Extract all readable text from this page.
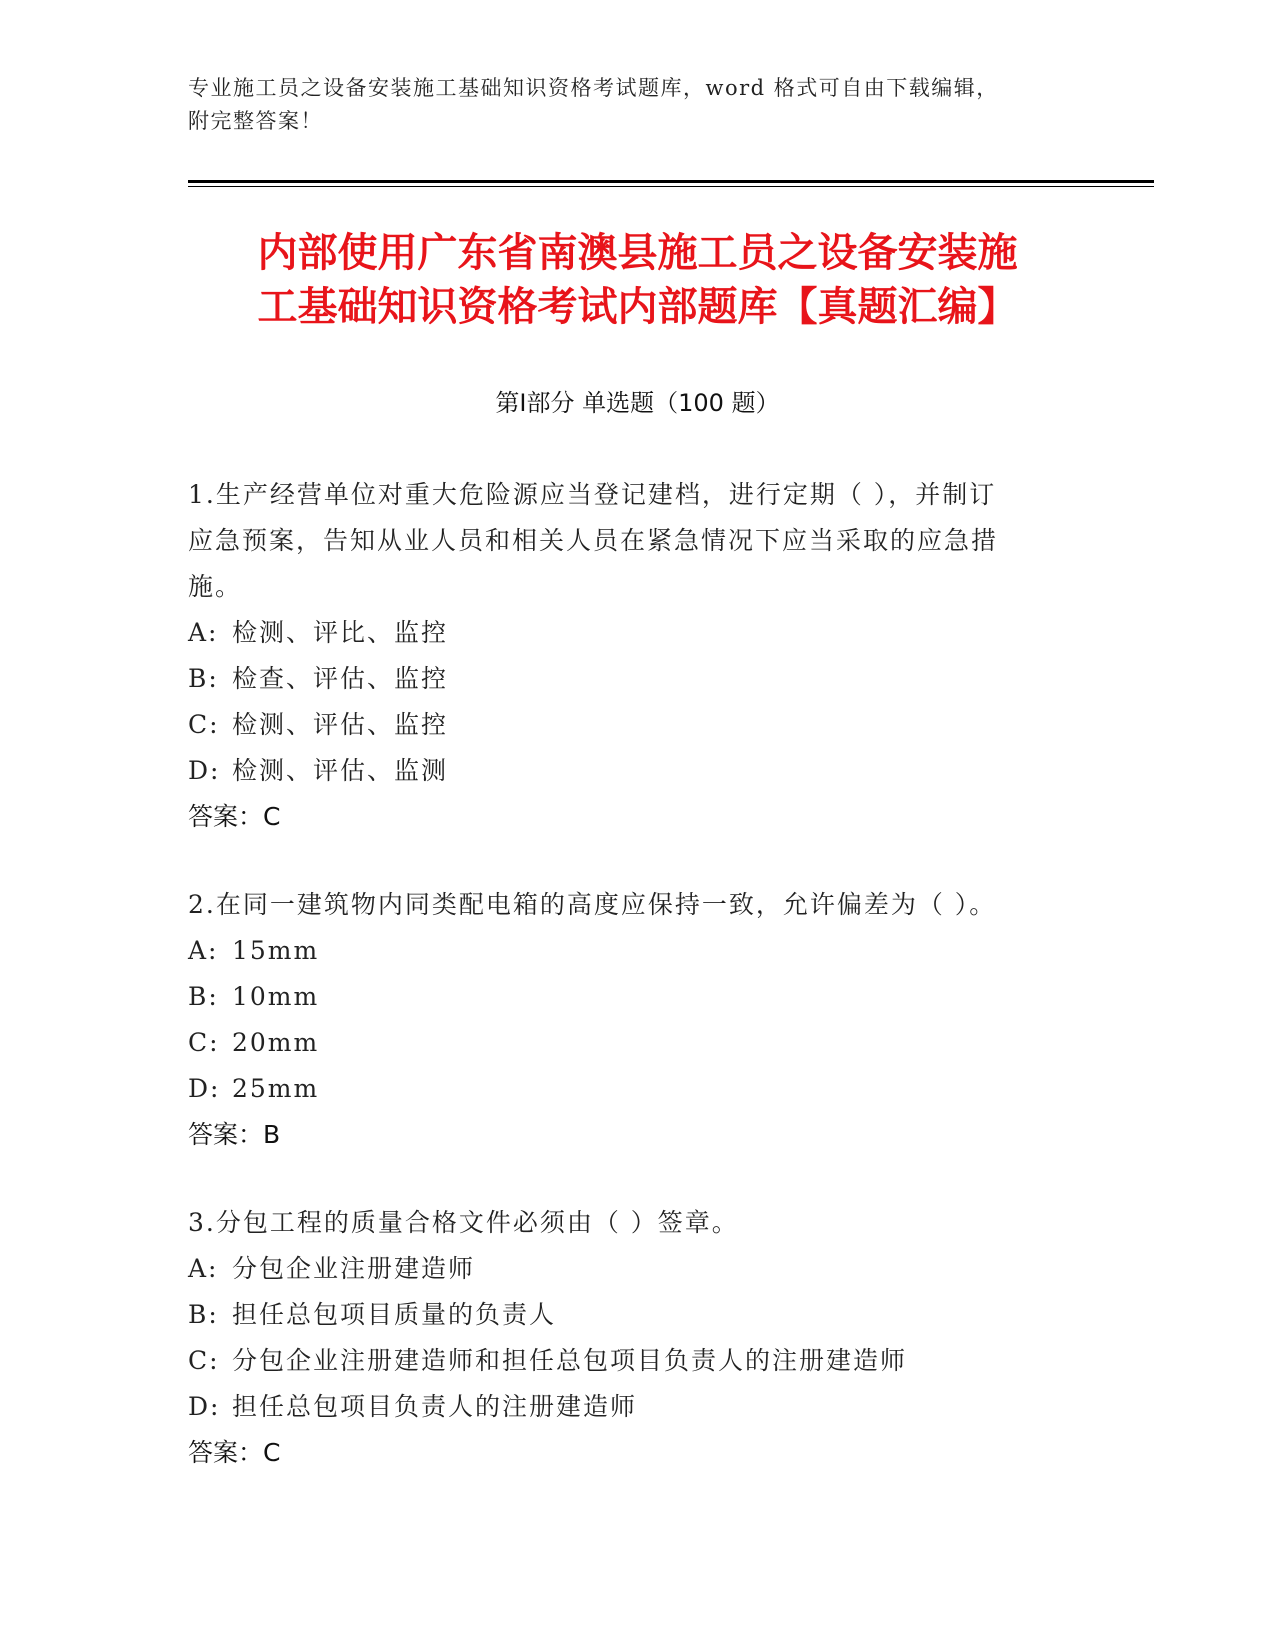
专业施工员之设备安装施工基础知识资格考试题库，word 格式可自由下载编辑，
附完整答案！
内部使用广东省南澳县施工员之设备安装施
工基础知识资格考试内部题库【真题汇编】
第Ⅰ部分 单选题（100 题）
1.生产经营单位对重大危险源应当登记建档，进行定期（ ），并制订
应急预案，告知从业人员和相关人员在紧急情况下应当采取的应急措
施。
A: 检测、评比、监控
B: 检查、评估、监控
C: 检测、评估、监控
D: 检测、评估、监测
答案：C
2.在同一建筑物内同类配电箱的高度应保持一致，允许偏差为（ ）。
A: 15mm
B: 10mm
C: 20mm
D: 25mm
答案：B
3.分包工程的质量合格文件必须由（ ）签章。
A: 分包企业注册建造师
B: 担任总包项目质量的负责人
C: 分包企业注册建造师和担任总包项目负责人的注册建造师
D: 担任总包项目负责人的注册建造师
答案：C
